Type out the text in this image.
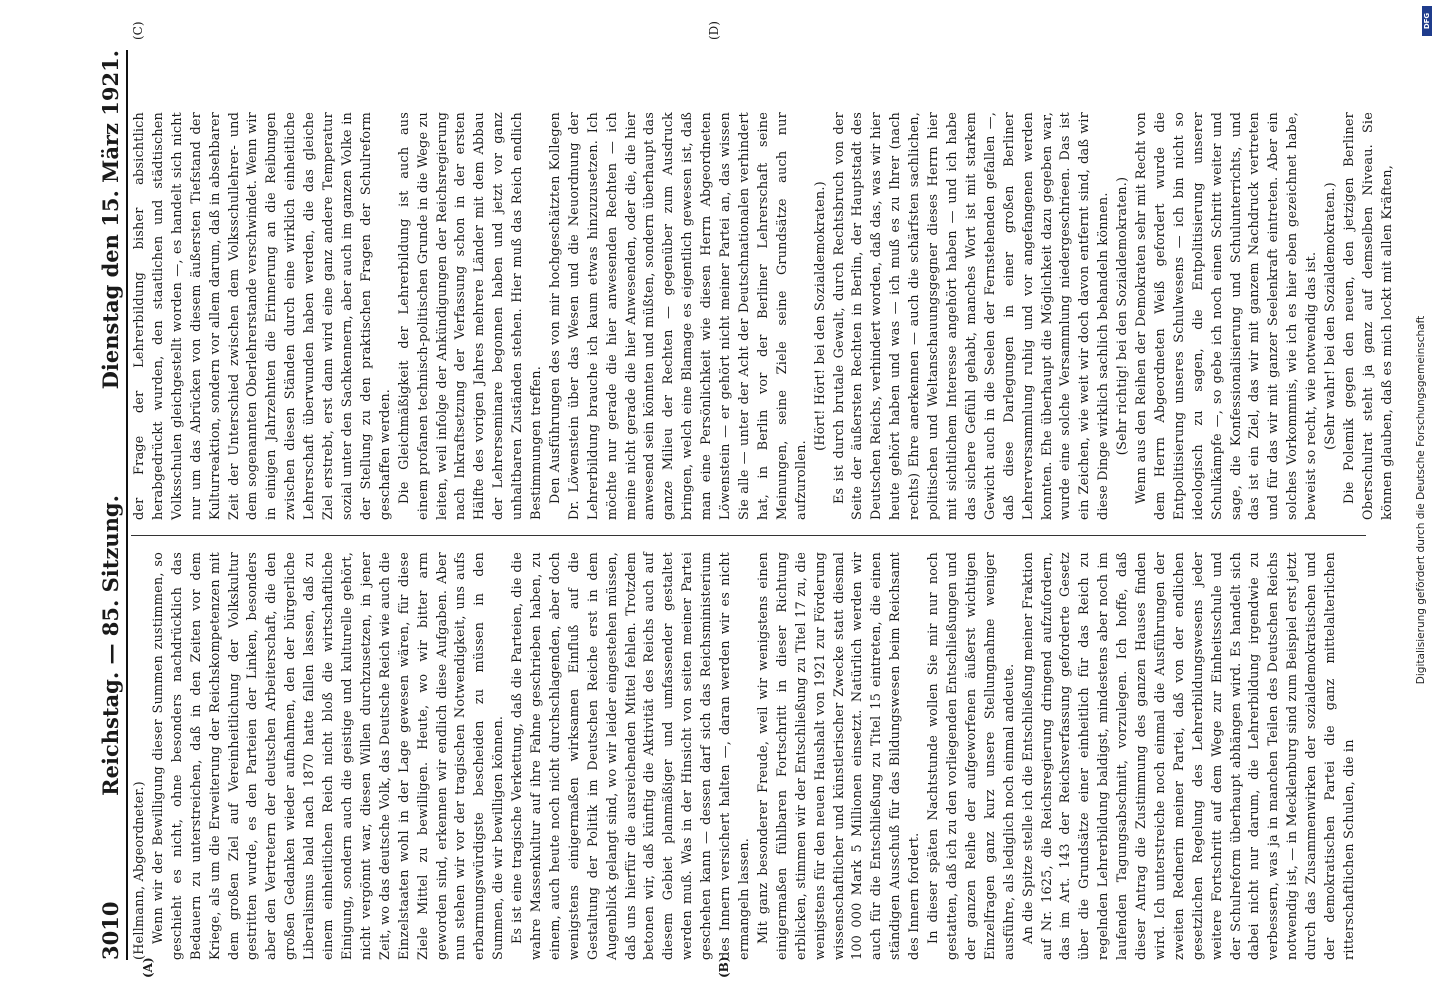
3010
Reichstag. — 85. Sitzung.
Dienstag den 15. März 1921.
(A)	(B)
(C)	(D)

(Hellmann, Abgeordneter.) Wenn wir der Bewilligung dieser Summen zustimmen, so geschieht es nicht, ohne besonders nachdrücklich das Bedauern zu unterstreichen, daß in den Zeiten vor dem Kriege, als um die Erweiterung der Reichskompetenzen mit dem großen Ziel auf Vereinheitlichung der Volkskultur gestritten wurde, es den Parteien der Linken, besonders aber den Vertretern der deutschen Arbeiterschaft, die den großen Gedanken wieder aufnahmen, den der bürgerliche Liberalismus bald nach 1870 hatte fallen lassen, daß zu einem einheitlichen Reich nicht bloß die wirtschaftliche Einigung, sondern auch die geistige und kulturelle gehört, nicht vergönnt war, diesen Willen durchzusetzen, in jener Zeit, wo das deutsche Volk, das Deutsche Reich wie auch die Einzelstaaten wohl in der Lage gewesen wären, für diese Ziele Mittel zu bewilligen. Heute, wo wir bitter arm geworden sind, erkennen wir endlich diese Aufgaben. Aber nun stehen wir vor der tragischen Notwendigkeit, uns aufs erbarmungswürdigste bescheiden zu müssen in den Summen, die wir bewilligen können. Es ist eine tragische Verkettung, daß die Parteien, die die wahre Massenkultur auf ihre Fahne geschrieben haben, zu einem, auch heute noch nicht durchschlagenden, aber doch wenigstens einigermaßen wirksamen Einfluß auf die Gestaltung der Politik im Deutschen Reiche erst in dem Augenblick gelangt sind, wo wir leider eingestehen müssen, daß uns hierfür die ausreichenden Mittel fehlen. Trotzdem betonen wir, daß künftig die Aktivität des Reichs auch auf diesem Gebiet planmäßiger und umfassender gestaltet werden muß. Was in der Hinsicht von seiten meiner Partei geschehen kann — dessen darf sich das Reichsministerium des Innern versichert halten —, daran werden wir es nicht ermangeln lassen. Mit ganz besonderer Freude, weil wir wenigstens einen einigermaßen fühlbaren Fortschritt in dieser Richtung erblicken, stimmen wir der Entschließung zu Titel 17 zu, die wenigstens für den neuen Haushalt von 1921 zur Förderung wissenschaftlicher und künstlerischer Zwecke statt diesmal 100 000 Mark 5 Millionen einsetzt. Natürlich werden wir auch für die Entschließung zu Titel 15 eintreten, die einen ständigen Ausschuß für das Bildungswesen beim Reichsamt des Innern fordert. In dieser späten Nachtstunde wollen Sie mir nur noch gestatten, daß ich zu den vorliegenden Entschließungen und der ganzen Reihe der aufgeworfenen äußerst wichtigen Einzelfragen ganz kurz unsere Stellungnahme weniger ausführe, als lediglich noch einmal andeute. An die Spitze stelle ich die Entschließung meiner Fraktion auf Nr. 1625, die Reichsregierung dringend aufzufordern, das im Art. 143 der Reichsverfassung geforderte Gesetz über die Grundsätze einer einheitlich für das Reich zu regelnden Lehrerbildung baldigst, mindestens aber noch im laufenden Tagungsabschnitt, vorzulegen. Ich hoffe, daß dieser Antrag die Zustimmung des ganzen Hauses finden wird. Ich unterstreiche noch einmal die Ausführungen der zweiten Rednerin meiner Partei, daß von der endlichen gesetzlichen Regelung des Lehrerbildungswesens jeder weitere Fortschritt auf dem Wege zur Einheitsschule und der Schulreform überhaupt abhängen wird. Es handelt sich dabei nicht nur darum, die Lehrerbildung irgendwie zu verbessern, was ja in manchen Teilen des Deutschen Reichs notwendig ist, — in Mecklenburg sind zum Beispiel erst jetzt durch das Zusammenwirken der sozialdemokratischen und der demokratischen Partei die ganz mittelalterlichen ritterschaftlichen Schulen, die in

der Frage der Lehrerbildung bisher absichtlich herabgedrückt wurden, den staatlichen und städtischen Volksschulen gleichgestellt worden —, es handelt sich nicht nur um das Abrücken von diesem äußersten Tiefstand der Kulturreaktion, sondern vor allem darum, daß in absehbarer Zeit der Unterschied zwischen dem Volksschullehrer- und dem sogenannten Oberlehrerstande verschwindet. Wenn wir in einigen Jahrzehnten die Erinnerung an die Reibungen zwischen diesen Ständen durch eine wirklich einheitliche Lehrerschaft überwunden haben werden, die das gleiche Ziel erstrebt, erst dann wird eine ganz andere Temperatur sozial unter den Sachkennern, aber auch im ganzen Volke in der Stellung zu den praktischen Fragen der Schulreform geschaffen werden. Die Gleichmäßigkeit der Lehrerbildung ist auch aus einem profanen technisch-politischen Grunde in die Wege zu leiten, weil infolge der Ankündigungen der Reichsregierung nach Inkraftsetzung der Verfassung schon in der ersten Hälfte des vorigen Jahres mehrere Länder mit dem Abbau der Lehrerseminare begonnen haben und jetzt vor ganz unhaltbaren Zuständen stehen. Hier muß das Reich endlich Bestimmungen treffen. Den Ausführungen des von mir hochgeschätzten Kollegen Dr. Löwenstein über das Wesen und die Neuordnung der Lehrerbildung brauche ich kaum etwas hinzuzusetzen. Ich möchte nur gerade die hier anwesenden Rechten — ich meine nicht gerade die hier Anwesenden, oder die, die hier anwesend sein könnten und müßten, sondern überhaupt das ganze Milieu der Rechten — gegenüber zum Ausdruck bringen, welch eine Blamage es eigentlich gewesen ist, daß man eine Persönlichkeit wie diesen Herrn Abgeordneten Löwenstein — er gehört nicht meiner Partei an, das wissen Sie alle — unter der Acht der Deutschnationalen verhindert hat, in Berlin vor der Berliner Lehrerschaft seine Meinungen, seine Ziele seine Grundsätze auch nur aufzurollen.

(Hört! Hört! bei den Sozialdemokraten.) Es ist durch brutale Gewalt, durch Rechtsbruch von der Seite der äußersten Rechten in Berlin, der Hauptstadt des Deutschen Reichs, verhindert worden, daß das, was wir hier heute gehört haben und was — ich muß es zu Ihrer (nach rechts) Ehre anerkennen — auch die schärfsten sachlichen, politischen und Weltanschauungsgegner dieses Herrn hier mit sichtlichem Interesse angehört haben — und ich habe das sichere Gefühl gehabt, manches Wort ist mit starkem Gewicht auch in die Seelen der Fernstehenden gefallen —, daß diese Darlegungen in einer großen Berliner Lehrerversammlung ruhig und vor angefangenen werden konnten. Ehe überhaupt die Möglichkeit dazu gegeben war, wurde eine solche Versammlung niedergeschrieen. Das ist ein Zeichen, wie weit wir doch davon entfernt sind, daß wir diese Dinge wirklich sachlich behandeln können. (Sehr richtig! bei den Sozialdemokraten.) Wenn aus den Reihen der Demokraten sehr mit Recht von dem Herrn Abgeordneten Weiß gefordert wurde die Entpolitisierung unseres Schulwesens — ich bin nicht so ideologisch zu sagen, die Entpolitisierung unserer Schulkämpfe —, so gebe ich noch einen Schritt weiter und sage, die Konfessionalisierung und Schulunterrichts, und das ist ein Ziel, das wir mit ganzem Nachdruck vertreten und für das wir mit ganzer Seelenkraft eintreten. Aber ein solches Vorkommnis, wie ich es hier eben gezeichnet habe, beweist so recht, wie notwendig das ist. (Sehr wahr! bei den Sozialdemokraten.) Die Polemik gegen den neuen, den jetzigen Berliner Oberschulrat steht ja ganz auf demselben Niveau. Sie können glauben, daß es mich lockt mit allen Kräften, Digitalisierung gefördert durch die Deutsche Forschungsgemeinschaft
DFG
